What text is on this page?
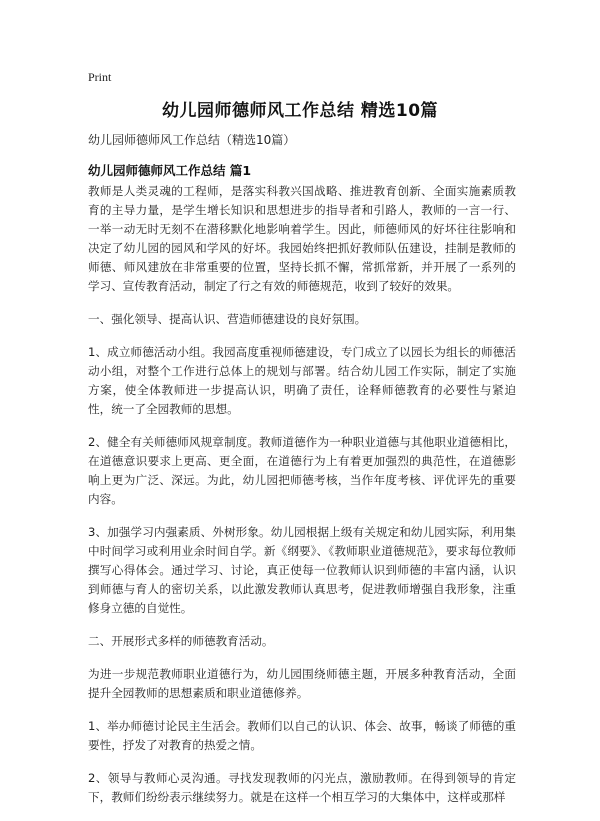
Print
幼儿园师德师风工作总结 精选10篇

幼儿园师德师风工作总结（精选10篇）

幼儿园师德师风工作总结 篇1

教师是人类灵魂的工程师，是落实科教兴国战略、推进教育创新、全面实施素质教育的主导力量，是学生增长知识和思想进步的指导者和引路人，教师的一言一行、一举一动无时无刻不在潜移默化地影响着学生。因此，师德师风的好坏往往影响和决定了幼儿园的园风和学风的好坏。我园始终把抓好教师队伍建设，挂制是教师的师德、师风建放在非常重要的位置，坚持长抓不懈，常抓常新，并开展了一系列的学习、宣传教育活动，制定了行之有效的师德规范，收到了较好的效果。

一、强化领导、提高认识、营造师德建设的良好氛围。

1、成立师德活动小组。我园高度重视师德建设，专门成立了以园长为组长的师德活动小组，对整个工作进行总体上的规划与部署。结合幼儿园工作实际，制定了实施方案，使全体教师进一步提高认识，明确了责任，诠释师德教育的必要性与紧迫性，统一了全园教师的思想。

2、健全有关师德师风规章制度。教师道德作为一种职业道德与其他职业道德相比，在道德意识要求上更高、更全面，在道德行为上有着更加强烈的典范性，在道德影响上更为广泛、深远。为此，幼儿园把师德考核，当作年度考核、评优评先的重要内容。

3、加强学习内强素质、外树形象。幼儿园根据上级有关规定和幼儿园实际，利用集中时间学习或利用业余时间自学。新《纲要》、《教师职业道德规范》，要求每位教师撰写心得体会。通过学习、讨论，真正使每一位教师认识到师德的丰富内涵，认识到师德与育人的密切关系，以此激发教师认真思考，促进教师增强自我形象，注重修身立德的自觉性。

二、开展形式多样的师德教育活动。

为进一步规范教师职业道德行为，幼儿园围绕师德主题，开展多种教育活动，全面提升全园教师的思想素质和职业道德修养。

1、举办师德讨论民主生活会。教师们以自己的认识、体会、故事，畅谈了师德的重要性，抒发了对教育的热爱之情。

2、领导与教师心灵沟通。寻找发现教师的闪光点，激励教师。在得到领导的肯定下，教师们纷纷表示继续努力。就是在这样一个相互学习的大集体中，这样或那样
